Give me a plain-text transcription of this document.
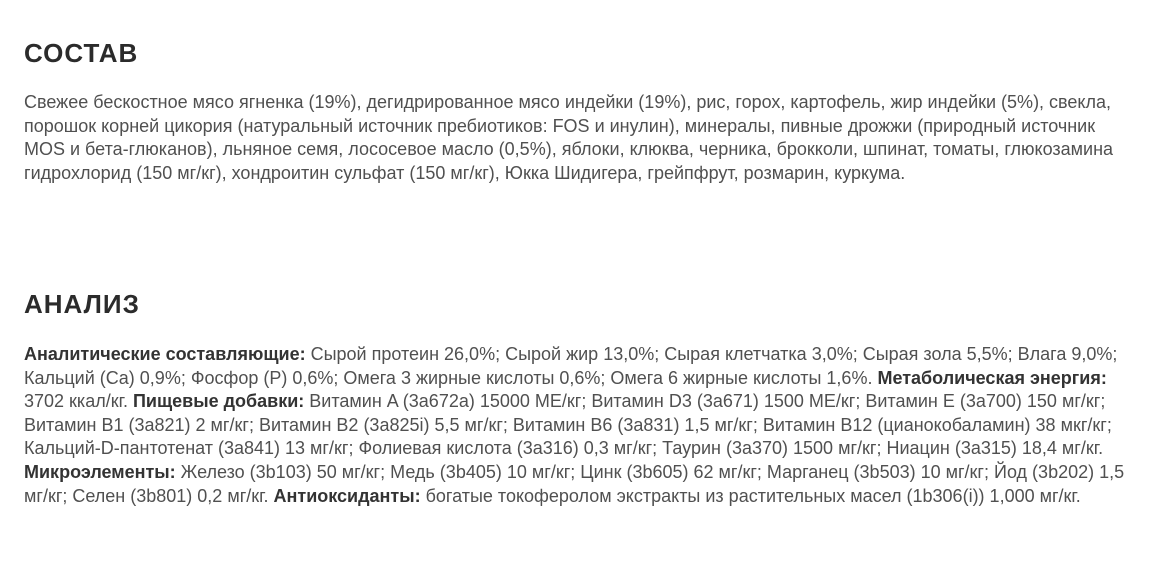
СОСТАВ

Свежее бескостное мясо ягненка (19%), дегидрированное мясо индейки (19%), рис, горох, картофель, жир индейки (5%), свекла, порошок корней цикория (натуральный источник пребиотиков: FOS и инулин), минералы, пивные дрожжи (природный источник MOS и бета-глюканов), льняное семя, лососевое масло (0,5%), яблоки, клюква, черника, брокколи, шпинат, томаты, глюкозамина гидрохлорид (150 мг/кг), хондроитин сульфат (150 мг/кг), Юкка Шидигера, грейпфрут, розмарин, куркума.

АНАЛИЗ

Аналитические составляющие: Сырой протеин 26,0%; Сырой жир 13,0%; Сырая клетчатка 3,0%; Сырая зола 5,5%; Влага 9,0%; Кальций (Ca) 0,9%; Фосфор (P) 0,6%; Омега 3 жирные кислоты 0,6%; Омега 6 жирные кислоты 1,6%. Метаболическая энергия: 3702 ккал/кг. Пищевые добавки: Витамин A (3a672a) 15000 МЕ/кг; Витамин D3 (3a671) 1500 МЕ/кг; Витамин E (3a700) 150 мг/кг; Витамин B1 (3a821) 2 мг/кг; Витамин B2 (3a825i) 5,5 мг/кг; Витамин B6 (3a831) 1,5 мг/кг; Витамин B12 (цианокобаламин) 38 мкг/кг; Кальций-D-пантотенат (3a841) 13 мг/кг; Фолиевая кислота (3a316) 0,3 мг/кг; Таурин (3a370) 1500 мг/кг; Ниацин (3a315) 18,4 мг/кг. Микроэлементы: Железо (3b103) 50 мг/кг; Медь (3b405) 10 мг/кг; Цинк (3b605) 62 мг/кг; Марганец (3b503) 10 мг/кг; Йод (3b202) 1,5 мг/кг; Селен (3b801) 0,2 мг/кг. Антиоксиданты: богатые токоферолом экстракты из растительных масел (1b306(i)) 1,000 мг/кг.
